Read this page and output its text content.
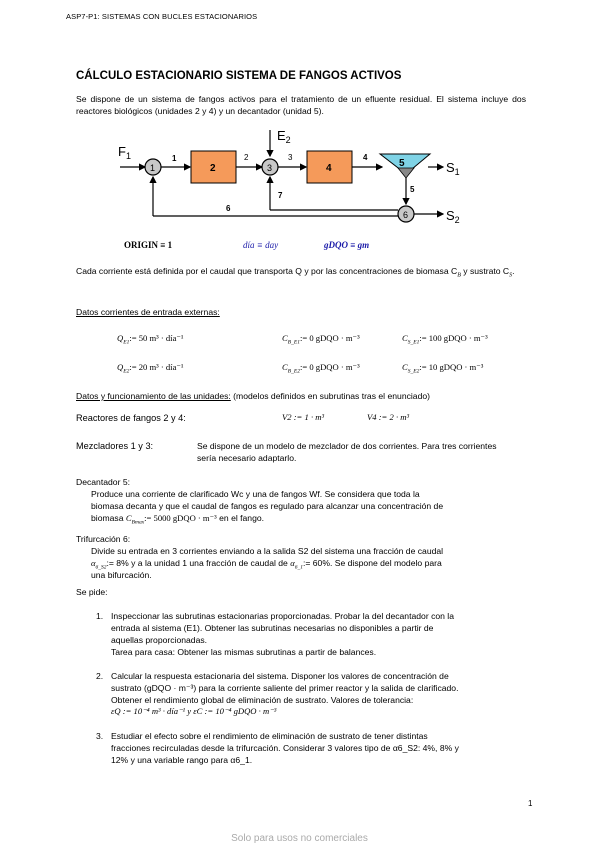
ASP7-P1: SISTEMAS CON BUCLES ESTACIONARIOS
CÁLCULO ESTACIONARIO SISTEMA DE FANGOS ACTIVOS
Se dispone de un sistema de fangos activos para el tratamiento de un efluente residual. El sistema incluye dos reactores biológicos (unidades 2 y 4) y un decantador (unidad 5).
$F_1$
1
1
2
2
$E_2$
3
3
4
4
5	$S_1$
5
6	$S_2$
7
6
ORIGIN ≡ 1	día ≡ day	gDQO ≡ gm
Cada corriente está definida por el caudal que transporta Q y por las concentraciones de biomasa $C_B$ y sustrato $C_S$.
Datos corrientes de entrada externas:
$Q_{E1}:= 50$ m³ · día⁻¹	$C_{B\_E1}:= 0$ gDQO · m⁻³	$C_{S\_E1}:= 100$ gDQO · m⁻³
$Q_{E2}:= 20$ m³ · día⁻¹	$C_{B\_E2}:= 0$ gDQO · m⁻³	$C_{S\_E2}:= 10$ gDQO · m⁻³
Datos y funcionamiento de las unidades: (modelos definidos en subrutinas tras el enunciado)
Reactores de fangos 2 y 4:	V2 := 1 · m³	V4 := 2 · m³
Mezcladores 1 y 3:	Se dispone de un modelo de mezclador de dos corrientes. Para tres corrientes sería necesario adaptarlo.
Decantador 5:
Produce una corriente de clarificado Wc y una de fangos Wf. Se considera que toda la
biomasa decanta y que el caudal de fangos es regulado para alcanzar una concentración de
biomasa $C_{Bmax}:= 5000$ gDQO · m⁻³ en el fango.
Trifurcación 6:
Divide su entrada en 3 corrientes enviando a la salida S2 del sistema una fracción de caudal
$\alpha_{6\_S2}:= 8\%$ y a la unidad 1 una fracción de caudal de $\alpha_{6\_1}:= 60\%$. Se dispone del modelo para
una bifurcación.
Se pide:
1. Inspeccionar las subrutinas estacionarias proporcionadas. Probar la del decantador con la
entrada al sistema (E1). Obtener las subrutinas necesarias no disponibles a partir de
aquellas proporcionadas.
Tarea para casa: Obtener las mismas subrutinas a partir de balances.
2. Calcular la respuesta estacionaria del sistema. Disponer los valores de concentración de
sustrato (gDQO · m⁻³) para la corriente saliente del primer reactor y la salida de clarificado.
Obtener el rendimiento global de eliminación de sustrato. Valores de tolerancia:
εQ := 10⁻⁴ m³ · día⁻¹ y εC := 10⁻⁴ gDQO · m⁻³
3. Estudiar el efecto sobre el rendimiento de eliminación de sustrato de tener distintas
fracciones recirculadas desde la trifurcación. Considerar 3 valores tipo de α6_S2: 4%, 8% y
12% y una variable rango para α6_1.
1
Solo para usos no comerciales
